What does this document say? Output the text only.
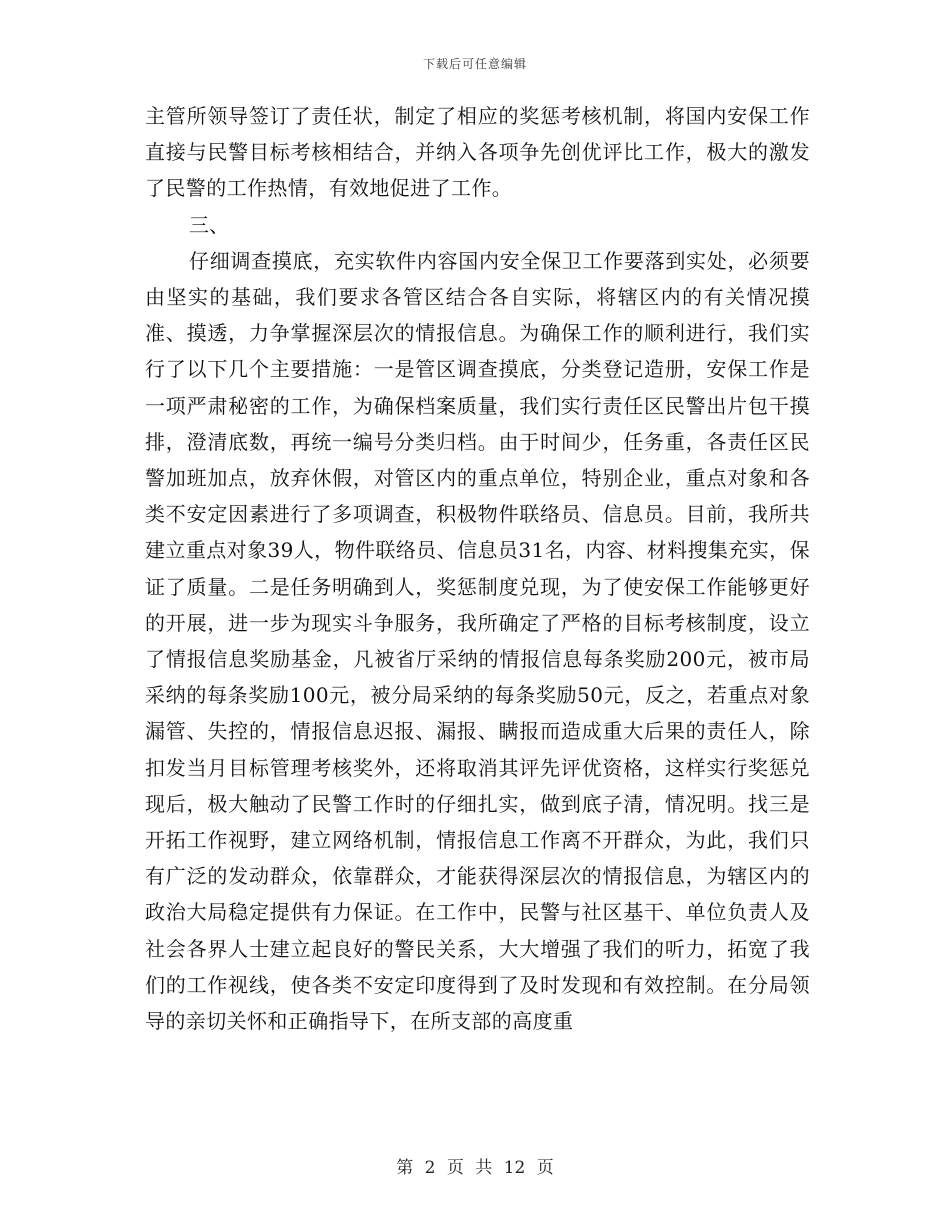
下载后可任意编辑

主管所领导签订了责任状，制定了相应的奖惩考核机制，将国内安保工作直接与民警目标考核相结合，并纳入各项争先创优评比工作，极大的激发了民警的工作热情，有效地促进了工作。

三、

仔细调查摸底，充实软件内容国内安全保卫工作要落到实处，必须要由坚实的基础，我们要求各管区结合各自实际，将辖区内的有关情况摸准、摸透，力争掌握深层次的情报信息。为确保工作的顺利进行，我们实行了以下几个主要措施：一是管区调查摸底，分类登记造册，安保工作是一项严肃秘密的工作，为确保档案质量，我们实行责任区民警出片包干摸排，澄清底数，再统一编号分类归档。由于时间少，任务重，各责任区民警加班加点，放弃休假，对管区内的重点单位，特别企业，重点对象和各类不安定因素进行了多项调查，积极物件联络员、信息员。目前，我所共建立重点对象39人，物件联络员、信息员31名，内容、材料搜集充实，保证了质量。二是任务明确到人，奖惩制度兑现，为了使安保工作能够更好的开展，进一步为现实斗争服务，我所确定了严格的目标考核制度，设立了情报信息奖励基金，凡被省厅采纳的情报信息每条奖励200元，被市局采纳的每条奖励100元，被分局采纳的每条奖励50元，反之，若重点对象漏管、失控的，情报信息迟报、漏报、瞒报而造成重大后果的责任人，除扣发当月目标管理考核奖外，还将取消其评先评优资格，这样实行奖惩兑现后，极大触动了民警工作时的仔细扎实，做到底子清，情况明。找三是开拓工作视野，建立网络机制，情报信息工作离不开群众，为此，我们只有广泛的发动群众，依靠群众，才能获得深层次的情报信息，为辖区内的政治大局稳定提供有力保证。在工作中，民警与社区基干、单位负责人及社会各界人士建立起良好的警民关系，大大增强了我们的听力，拓宽了我们的工作视线，使各类不安定印度得到了及时发现和有效控制。在分局领导的亲切关怀和正确指导下，在所支部的高度重

第 2 页 共 12 页
